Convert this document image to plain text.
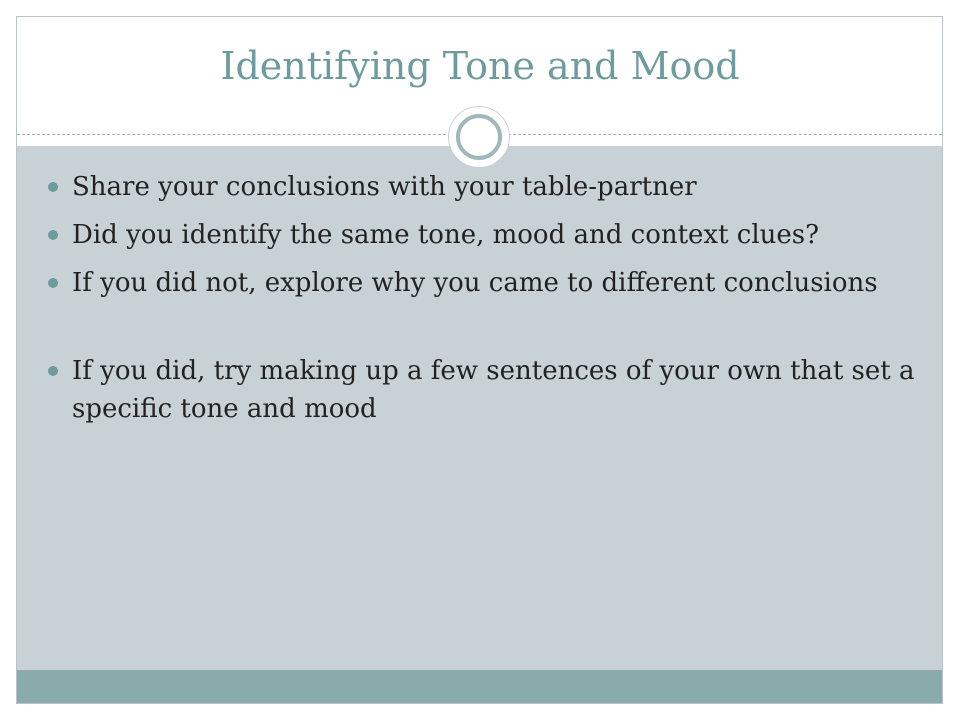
Identifying Tone and Mood
Share your conclusions with your table-partner
Did you identify the same tone, mood and context clues?
If you did not, explore why you came to different conclusions
If you did, try making up a few sentences of your own that set a specific tone and mood
